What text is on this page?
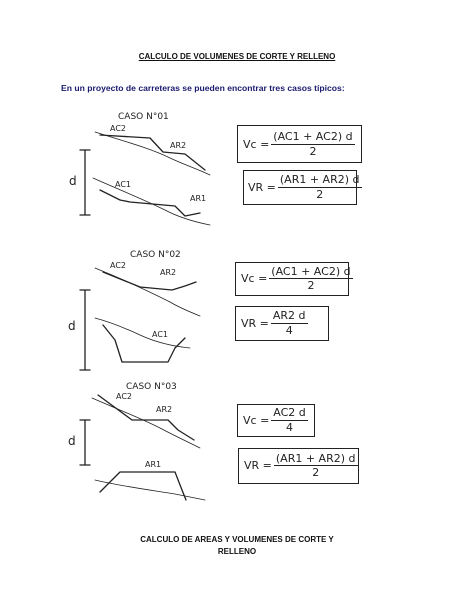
CALCULO DE VOLUMENES DE CORTE Y RELLENO
En un proyecto de carreteras se pueden encontrar tres casos típicos:
CASO N°01
AC2
AR2
AC1
AR1
d
CASO N°02
AC2
AR2
AC1
d
CASO N°03
AC2
AR2
AR1
d
$Vc = \frac{(AC1 + AC2) d}{2}$
VR = $\frac{(AR1 + AR2) d}{2}$
$Vc = \frac{(AC1 + AC2) d}{2}$
VR = $\frac{AR2 d}{4}$
$Vc = \frac{AC2 d}{4}$
VR = $\frac{(AR1 + AR2) d}{2}$
CALCULO DE AREAS Y VOLUMENES DE CORTE Y
RELLENO
